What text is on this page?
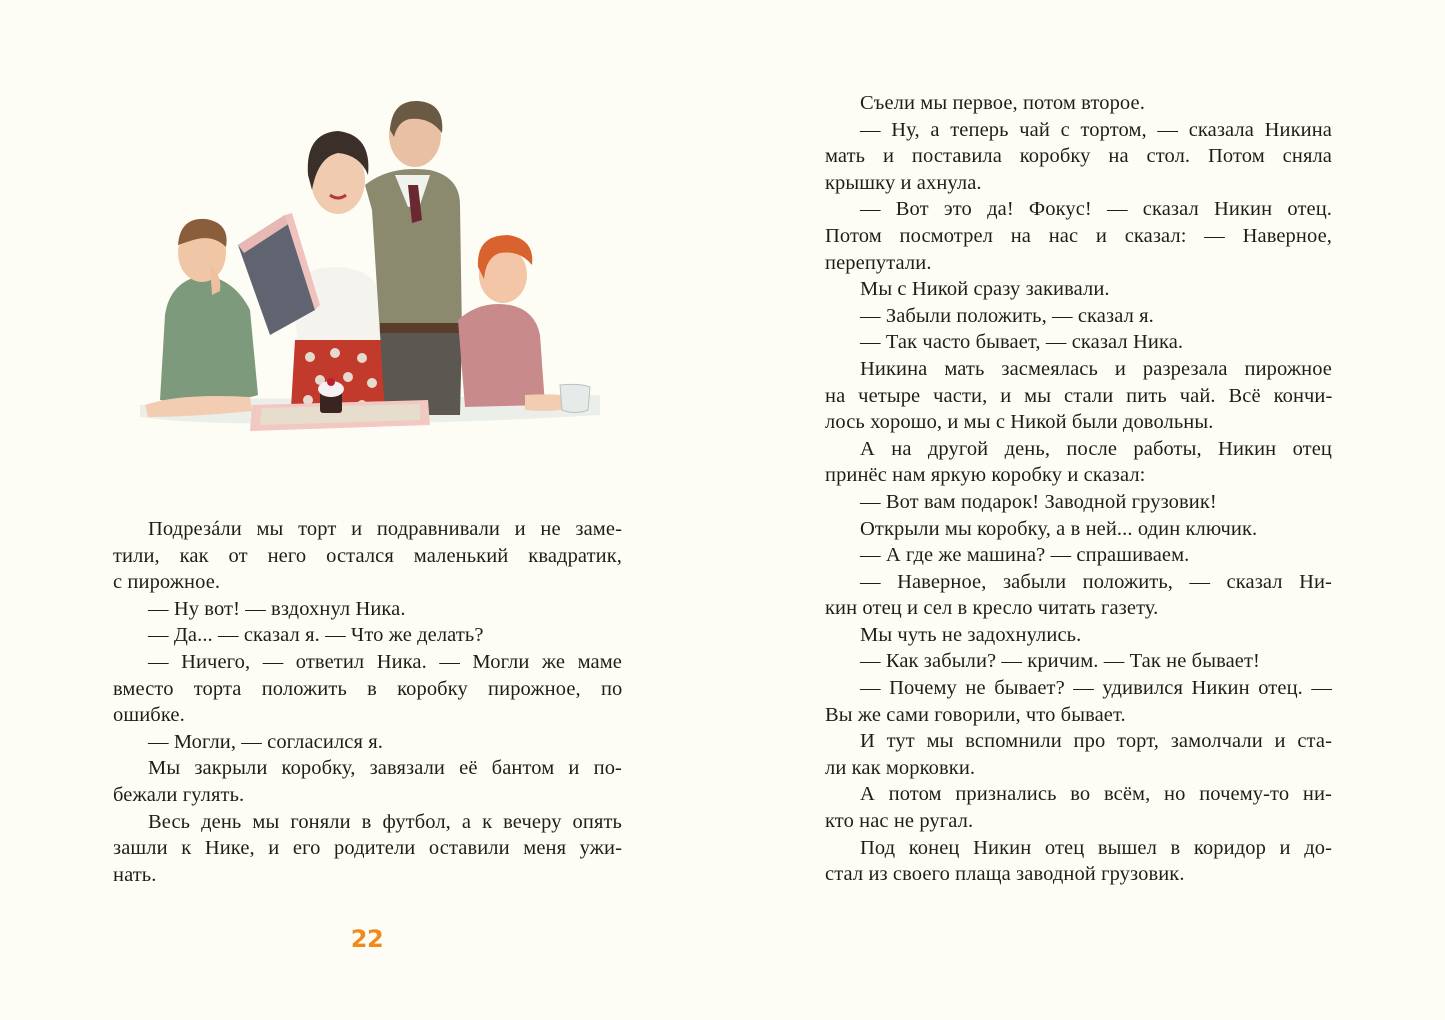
Подрезáли мы торт и подравнивали и не заме-
тили, как от него остался маленький квадратик,
с пирожное.
— Ну вот! — вздохнул Ника.
— Да... — сказал я. — Что же делать?
— Ничего, — ответил Ника. — Могли же маме
вместо торта положить в коробку пирожное, по
ошибке.
— Могли, — согласился я.
Мы закрыли коробку, завязали её бантом и по-
бежали гулять.
Весь день мы гоняли в футбол, а к вечеру опять
зашли к Нике, и его родители оставили меня ужи-
нать.
22
Съели мы первое, потом второе.
— Ну, а теперь чай с тортом, — сказала Никина
мать и поставила коробку на стол. Потом сняла
крышку и ахнула.
— Вот это да! Фокус! — сказал Никин отец.
Потом посмотрел на нас и сказал: — Наверное,
перепутали.
Мы с Никой сразу закивали.
— Забыли положить, — сказал я.
— Так часто бывает, — сказал Ника.
Никина мать засмеялась и разрезала пирожное
на четыре части, и мы стали пить чай. Всё кончи-
лось хорошо, и мы с Никой были довольны.
А на другой день, после работы, Никин отец
принёс нам яркую коробку и сказал:
— Вот вам подарок! Заводной грузовик!
Открыли мы коробку, а в ней... один ключик.
— А где же машина? — спрашиваем.
— Наверное, забыли положить, — сказал Ни-
кин отец и сел в кресло читать газету.
Мы чуть не задохнулись.
— Как забыли? — кричим. — Так не бывает!
— Почему не бывает? — удивился Никин отец. —
Вы же сами говорили, что бывает.
И тут мы вспомнили про торт, замолчали и ста-
ли как морковки.
А потом признались во всём, но почему-то ни-
кто нас не ругал.
Под конец Никин отец вышел в коридор и до-
стал из своего плаща заводной грузовик.
